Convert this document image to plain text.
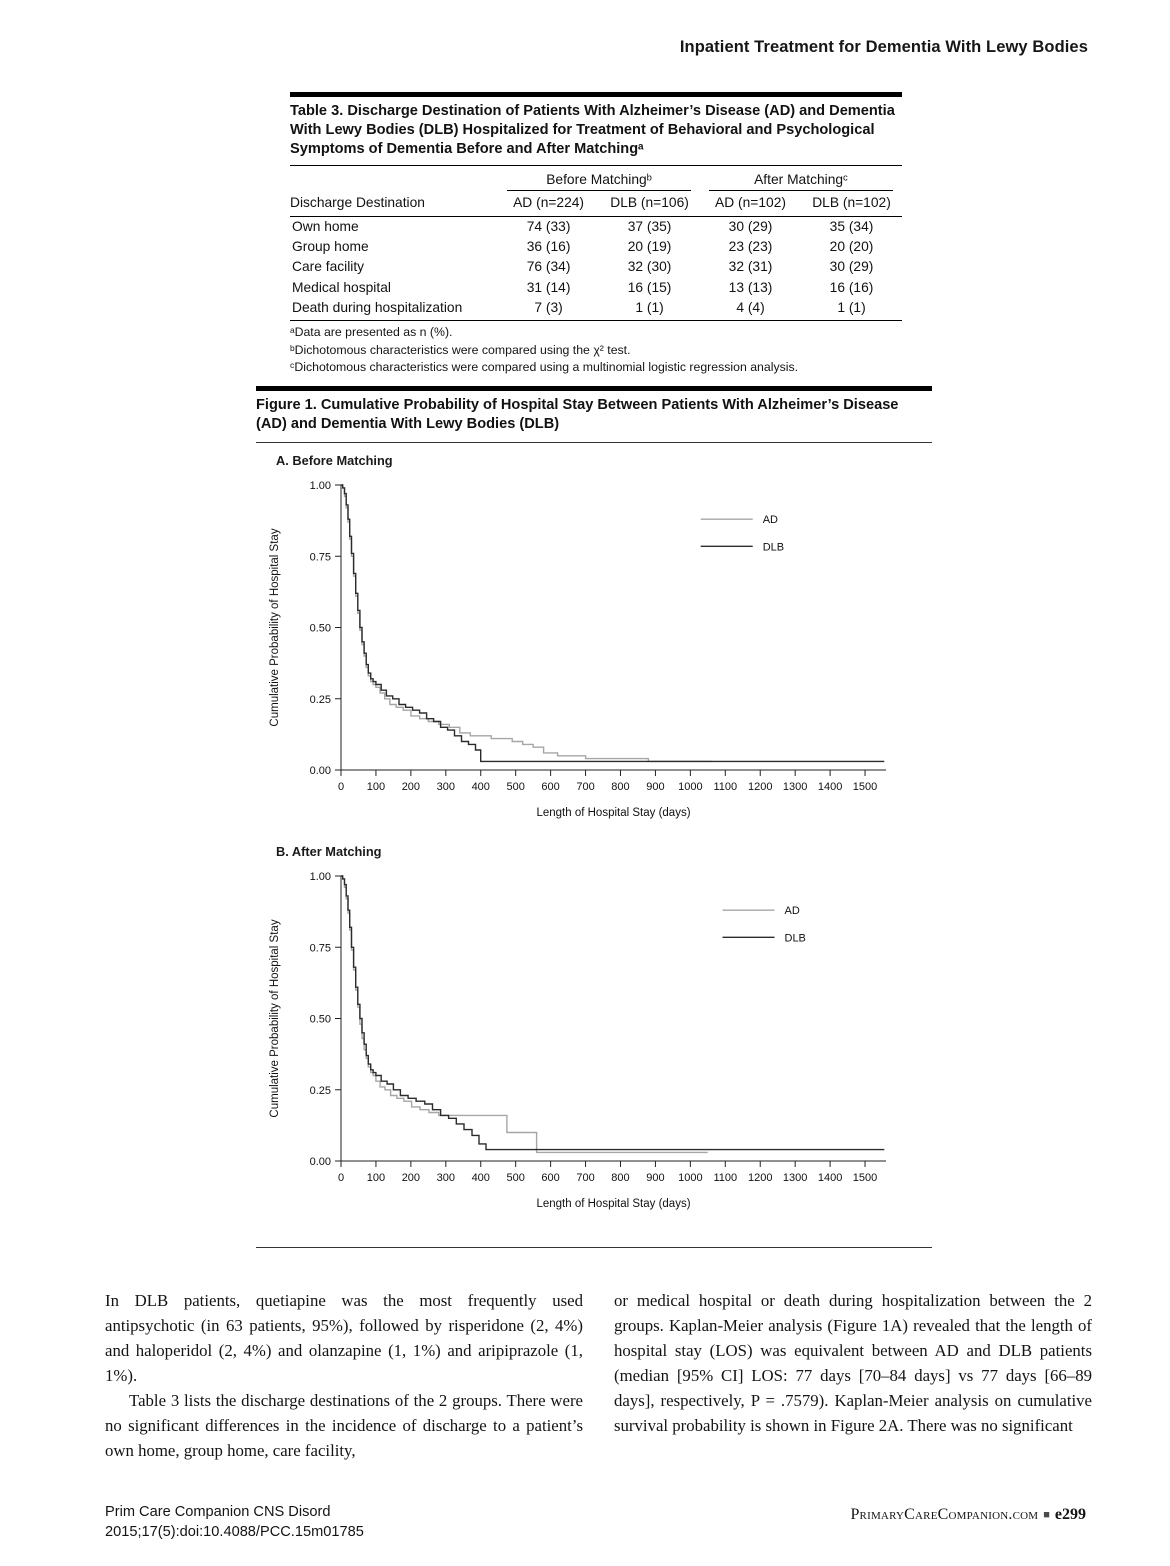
Inpatient Treatment for Dementia With Lewy Bodies
Table 3. Discharge Destination of Patients With Alzheimer’s Disease (AD) and Dementia With Lewy Bodies (DLB) Hospitalized for Treatment of Behavioral and Psychological Symptoms of Dementia Before and After Matchingᵃ

	Before Matchingᵇ		After Matchingᶜ	

Discharge Destination	AD (n=224)	DLB (n=106)	AD (n=102)	DLB (n=102)
Own home	74 (33)	37 (35)	30 (29)	35 (34)
Group home	36 (16)	20 (19)	23 (23)	20 (20)
Care facility	76 (34)	32 (30)	32 (31)	30 (29)
Medical hospital	31 (14)	16 (15)	13 (13)	16 (16)
Death during hospitalization	7 (3)	1 (1)	4 (4)	1 (1)
ᵃData are presented as n (%).
ᵇDichotomous characteristics were compared using the χ² test.
ᶜDichotomous characteristics were compared using a multinomial logistic regression analysis.
Figure 1. Cumulative Probability of Hospital Stay Between Patients With Alzheimer’s Disease (AD) and Dementia With Lewy Bodies (DLB)
A. Before Matching
0.00
0.25
0.50
0.75
1.00
0 100 200 300 400 500 600 700 800 900 1000 1100 1200 1300 1400 1500
Length of Hospital Stay (days)
Cumulative Probability of Hospital Stay
AD
DLB
B. After Matching
0.00
0.25
0.50
0.75
1.00
0 100 200 300 400 500 600 700 800 900 1000 1100 1200 1300 1400 1500
Length of Hospital Stay (days)
Cumulative Probability of Hospital Stay
AD
DLB

In DLB patients, quetiapine was the most frequently used antipsychotic (in 63 patients, 95%), followed by risperidone (2, 4%) and haloperidol (2, 4%) and olanzapine (1, 1%) and aripiprazole (1, 1%).

Table 3 lists the discharge destinations of the 2 groups. There were no significant differences in the incidence of discharge to a patient’s own home, group home, care facility,

or medical hospital or death during hospitalization between the 2 groups. Kaplan-Meier analysis (Figure 1A) revealed that the length of hospital stay (LOS) was equivalent between AD and DLB patients (median [95% CI] LOS: 77 days [70–84 days] vs 77 days [66–89 days], respectively, P = .7579). Kaplan-Meier analysis on cumulative survival probability is shown in Figure 2A. There was no significant

Prim Care Companion CNS Disord
2015;17(5):doi:10.4088/PCC.15m01785
PrimaryCareCompanion.com ■ e299
